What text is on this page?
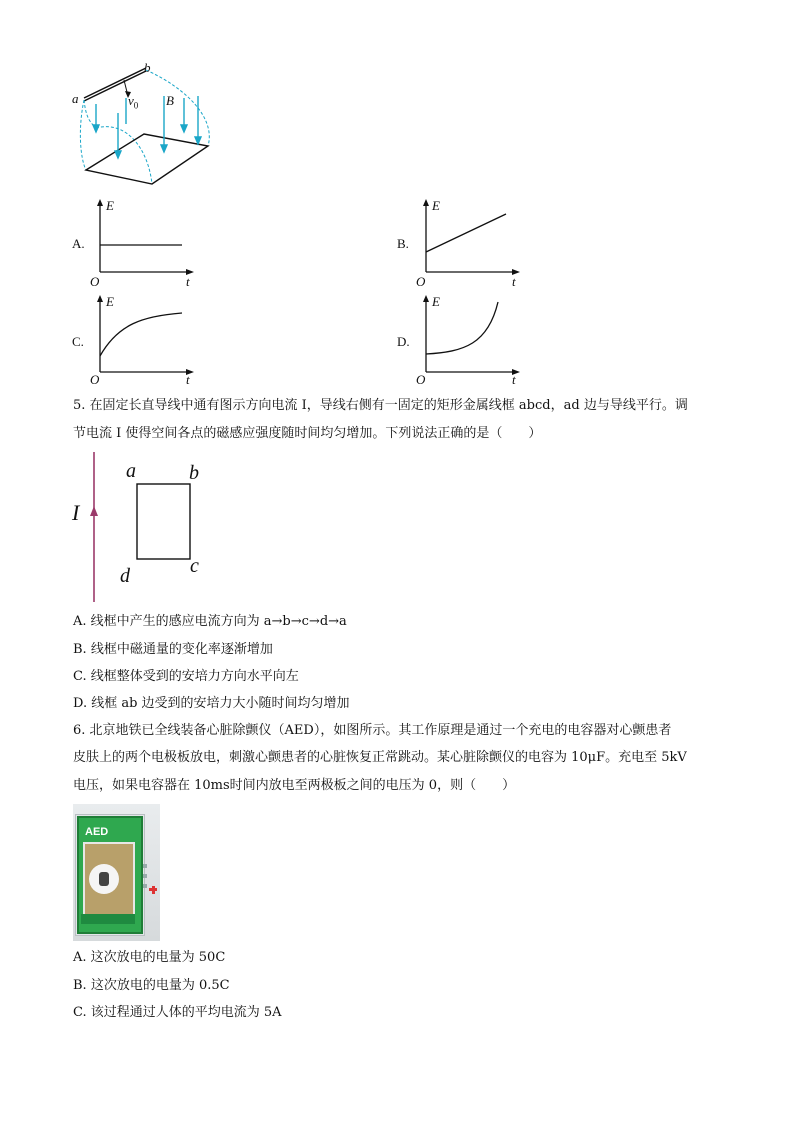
a
b
$v_0$ B
A.
E
t
O
B.
E
t
O
C.
E
t
O
D.
E
t
O
5. 在固定长直导线中通有图示方向电流 I，导线右侧有一固定的矩形金属线框 abcd，ad 边与导线平行。调
节电流 I 使得空间各点的磁感应强度随时间均匀增加。下列说法正确的是（　　）
I
a	b
c
d
A. 线框中产生的感应电流方向为 a→b→c→d→a
B. 线框中磁通量的变化率逐渐增加
C. 线框整体受到的安培力方向水平向左
D. 线框 ab 边受到的安培力大小随时间均匀增加
6. 北京地铁已全线装备心脏除颤仪（AED），如图所示。其工作原理是通过一个充电的电容器对心颤患者
皮肤上的两个电极板放电，刺激心颤患者的心脏恢复正常跳动。某心脏除颤仪的电容为 10μF。充电至 5kV
电压，如果电容器在 10ms时间内放电至两极板之间的电压为 0，则（　　）
AED
A. 这次放电的电量为 50C
B. 这次放电的电量为 0.5C
C. 该过程通过人体的平均电流为 5A
